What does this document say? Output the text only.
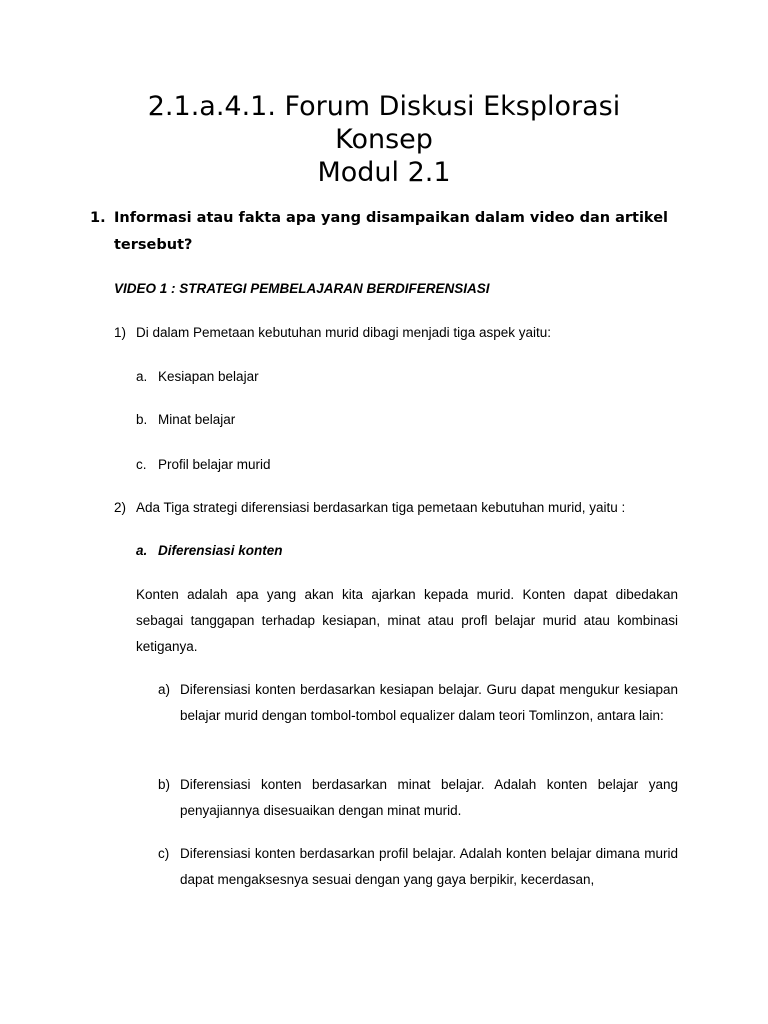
2.1.a.4.1. Forum Diskusi Eksplorasi
Konsep
Modul 2.1
1. Informasi atau fakta apa yang disampaikan dalam video dan artikel tersebut?
VIDEO 1 : STRATEGI PEMBELAJARAN BERDIFERENSIASI
1) Di dalam Pemetaan kebutuhan murid dibagi menjadi tiga aspek yaitu:
a. Kesiapan belajar
b. Minat belajar
c. Profil belajar murid
2) Ada Tiga strategi diferensiasi berdasarkan tiga pemetaan kebutuhan murid, yaitu :
a. Diferensiasi konten
Konten adalah apa yang akan kita ajarkan kepada murid. Konten dapat dibedakan sebagai tanggapan terhadap kesiapan, minat atau profl belajar murid atau kombinasi ketiganya.
a) Diferensiasi konten berdasarkan kesiapan belajar. Guru dapat mengukur kesiapan belajar murid dengan tombol-tombol equalizer dalam teori Tomlinzon, antara lain:
b) Diferensiasi konten berdasarkan minat belajar. Adalah konten belajar yang penyajiannya disesuaikan dengan minat murid.
c) Diferensiasi konten berdasarkan profil belajar. Adalah konten belajar dimana murid dapat mengaksesnya sesuai dengan yang gaya berpikir, kecerdasan,
